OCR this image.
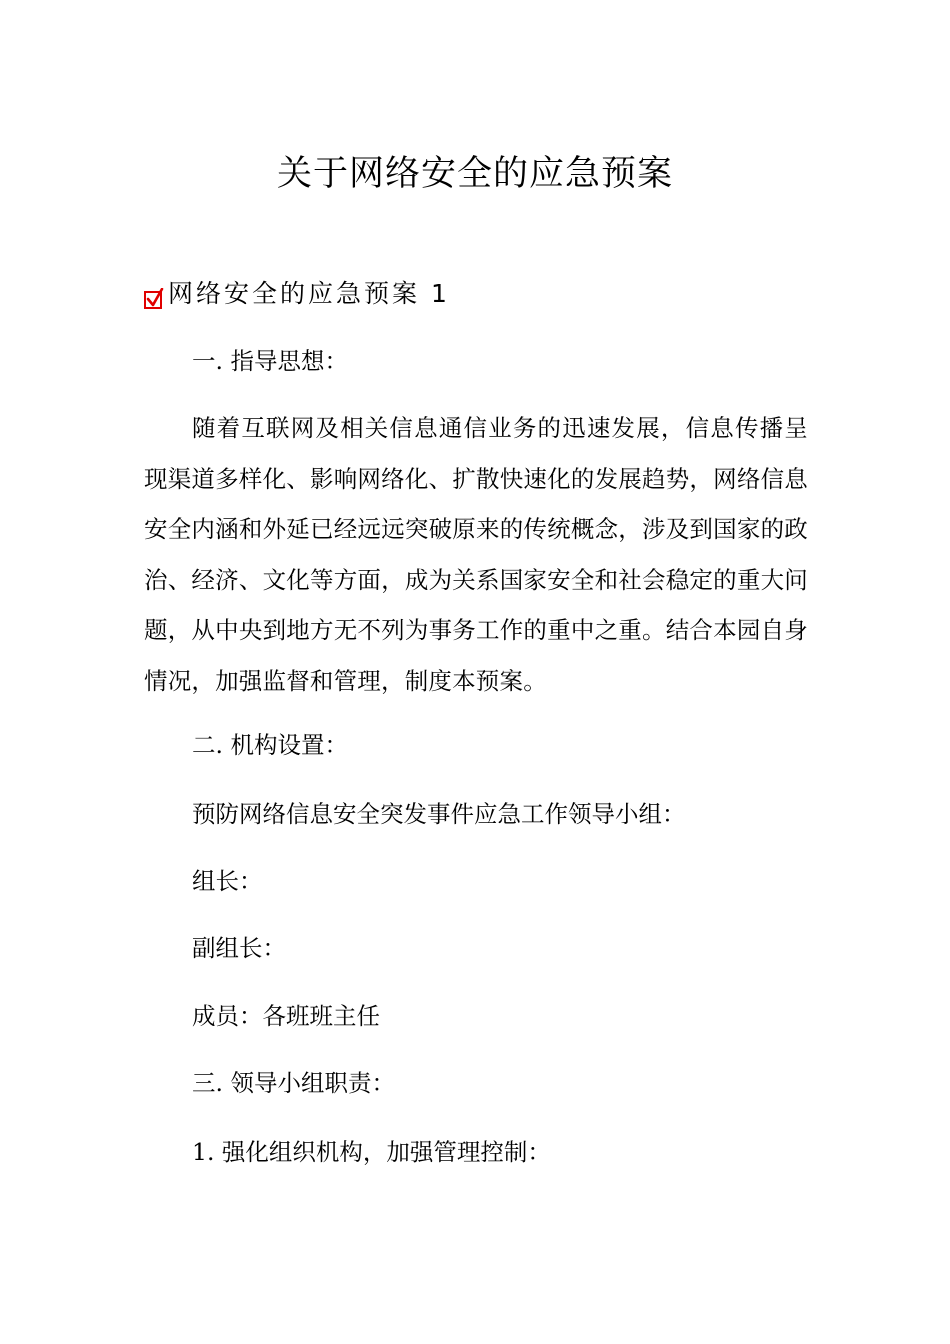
关于网络安全的应急预案
网络安全的应急预案 1
一. 指导思想：
随着互联网及相关信息通信业务的迅速发展，信息传播呈现渠道多样化、影响网络化、扩散快速化的发展趋势，网络信息安全内涵和外延已经远远突破原来的传统概念，涉及到国家的政治、经济、文化等方面，成为关系国家安全和社会稳定的重大问题，从中央到地方无不列为事务工作的重中之重。结合本园自身情况，加强监督和管理，制度本预案。
二. 机构设置：
预防网络信息安全突发事件应急工作领导小组：
组长：
副组长：
成员：各班班主任
三. 领导小组职责：
1. 强化组织机构，加强管理控制：
